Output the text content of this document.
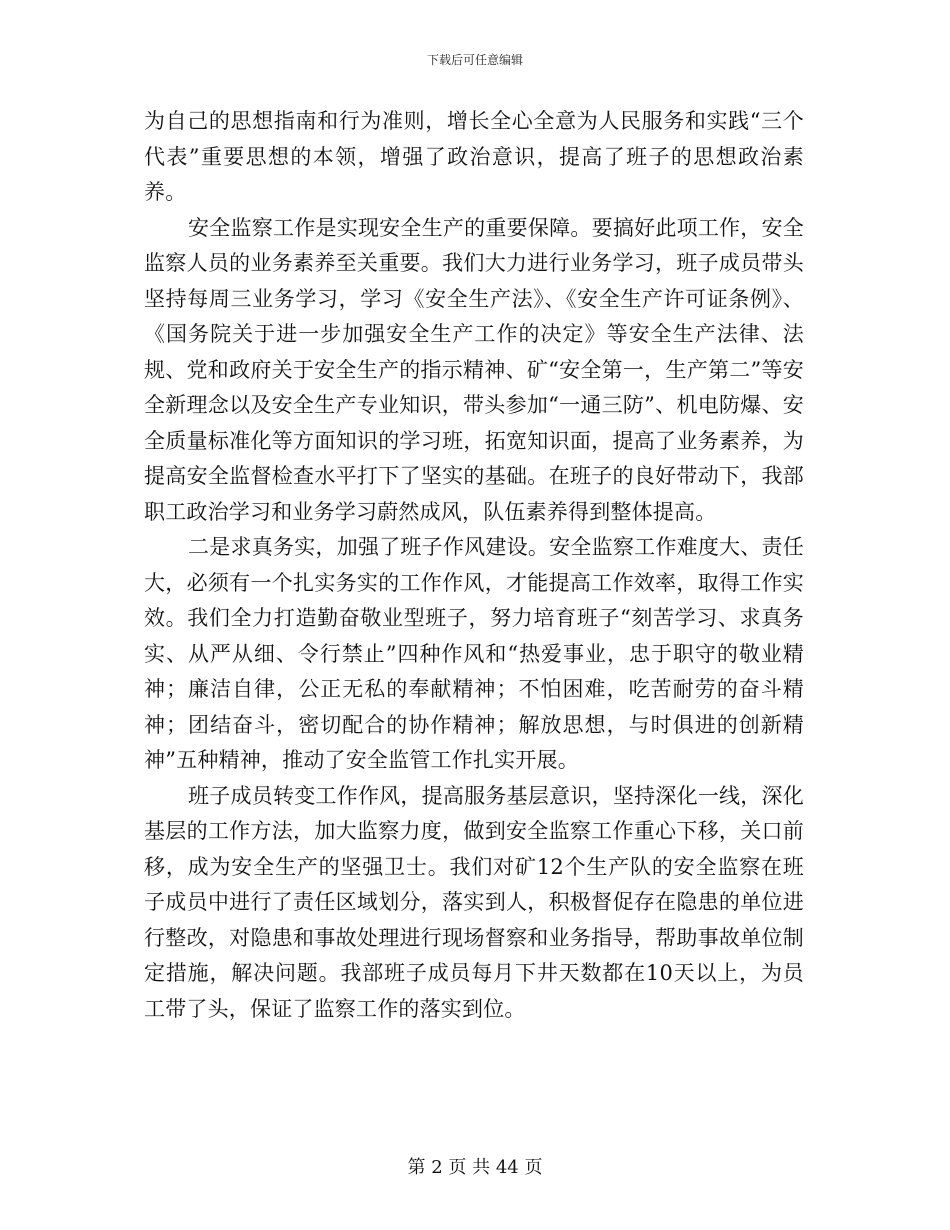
下载后可任意编辑

为自己的思想指南和行为准则，增长全心全意为人民服务和实践“三个代表”重要思想的本领，增强了政治意识，提高了班子的思想政治素养。

安全监察工作是实现安全生产的重要保障。要搞好此项工作，安全监察人员的业务素养至关重要。我们大力进行业务学习，班子成员带头坚持每周三业务学习，学习《安全生产法》、《安全生产许可证条例》、《国务院关于进一步加强安全生产工作的决定》等安全生产法律、法规、党和政府关于安全生产的指示精神、矿“安全第一，生产第二”等安全新理念以及安全生产专业知识，带头参加“一通三防”、机电防爆、安全质量标准化等方面知识的学习班，拓宽知识面，提高了业务素养，为提高安全监督检查水平打下了坚实的基础。在班子的良好带动下，我部职工政治学习和业务学习蔚然成风，队伍素养得到整体提高。

二是求真务实，加强了班子作风建设。安全监察工作难度大、责任大，必须有一个扎实务实的工作作风，才能提高工作效率，取得工作实效。我们全力打造勤奋敬业型班子，努力培育班子“刻苦学习、求真务实、从严从细、令行禁止”四种作风和“热爱事业，忠于职守的敬业精神；廉洁自律，公正无私的奉献精神；不怕困难，吃苦耐劳的奋斗精神；团结奋斗，密切配合的协作精神；解放思想，与时俱进的创新精神”五种精神，推动了安全监管工作扎实开展。

班子成员转变工作作风，提高服务基层意识，坚持深化一线，深化基层的工作方法，加大监察力度，做到安全监察工作重心下移，关口前移，成为安全生产的坚强卫士。我们对矿12个生产队的安全监察在班子成员中进行了责任区域划分，落实到人，积极督促存在隐患的单位进行整改，对隐患和事故处理进行现场督察和业务指导，帮助事故单位制定措施，解决问题。我部班子成员每月下井天数都在10天以上，为员工带了头，保证了监察工作的落实到位。

第 2 页 共 44 页
